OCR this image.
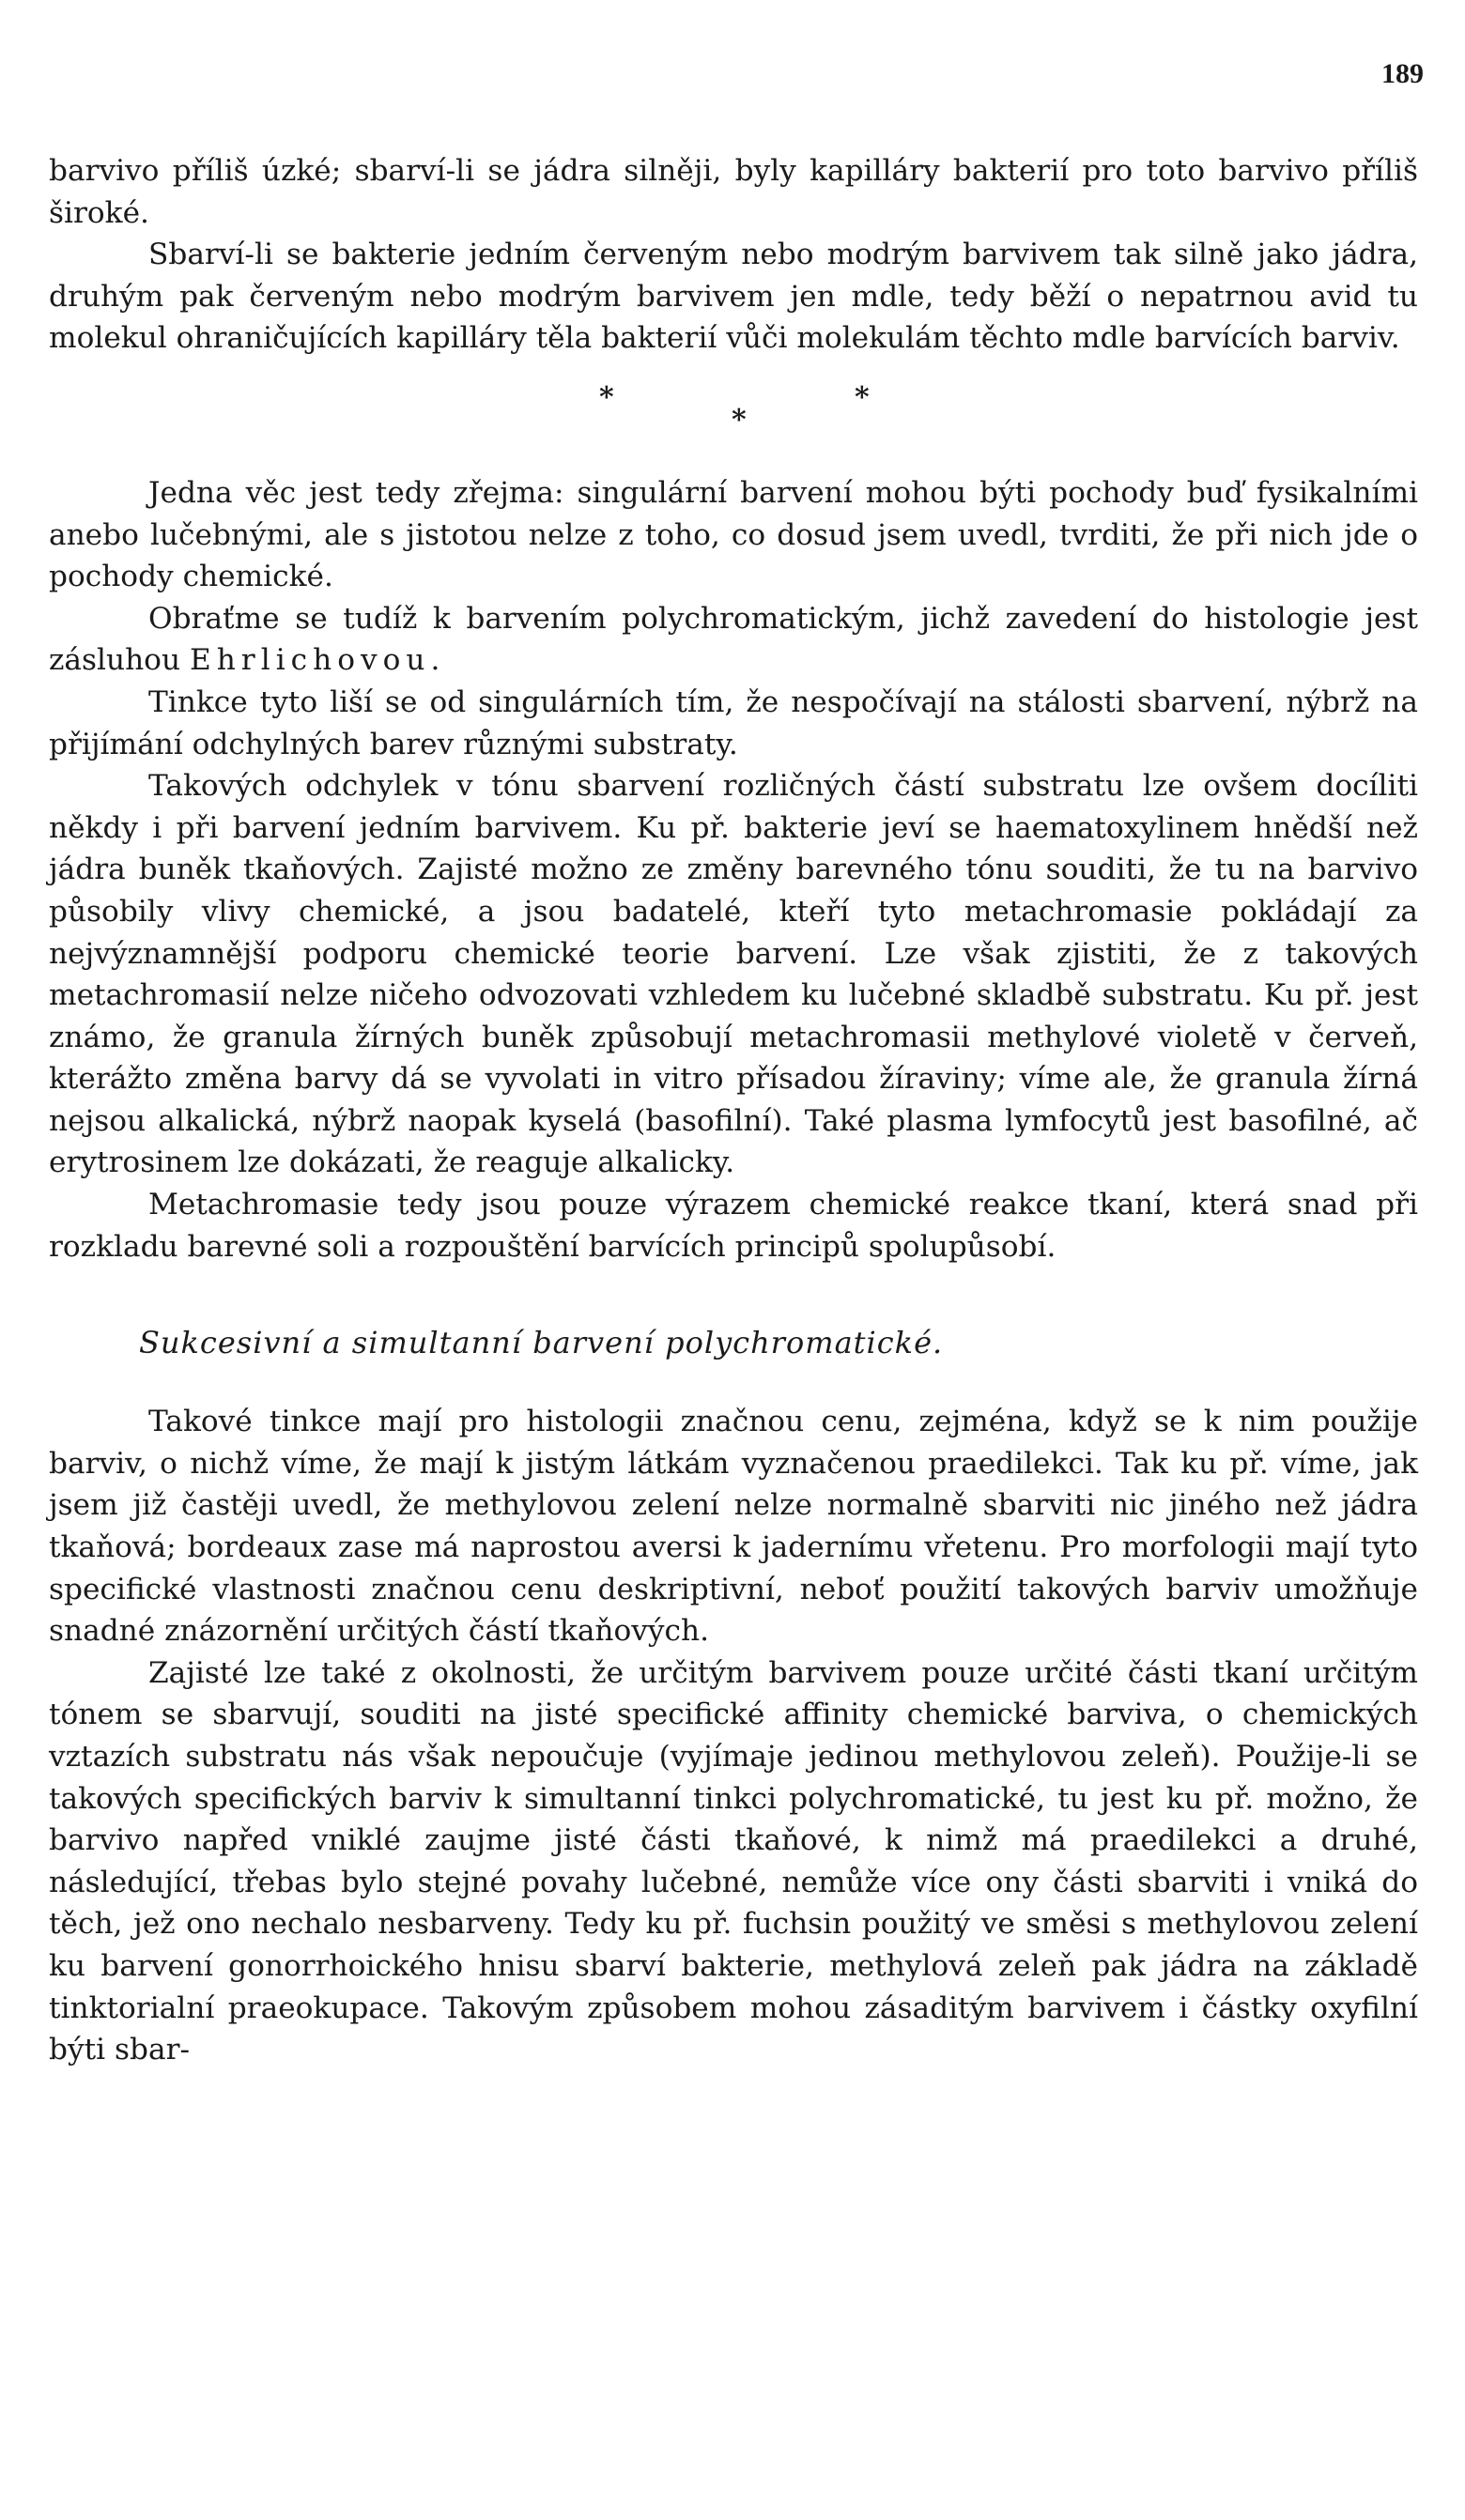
189

barvivo příliš úzké; sbarví-li se jádra silněji, byly kapilláry bakterií pro toto barvivo příliš široké.

Sbarví-li se bakterie jedním červeným nebo modrým barvivem tak silně jako jádra, druhým pak červeným nebo modrým barvivem jen mdle, tedy běží o nepatrnou avid tu molekul ohraničujících kapilláry těla bakterií vůči molekulám těchto mdle barvících barviv.

*
*
*

Jedna věc jest tedy zřejma: singulární barvení mohou býti pochody buď fysikalními anebo lučebnými, ale s jistotou nelze z toho, co dosud jsem uvedl, tvrditi, že při nich jde o pochody chemické.

Obraťme se tudíž k barvením polychromatickým, jichž zavedení do histologie jest zásluhou Ehrlichovou.

Tinkce tyto liší se od singulárních tím, že nespočívají na stálosti sbarvení, nýbrž na přijímání odchylných barev různými substraty.

Takových odchylek v tónu sbarvení rozličných částí substratu lze ovšem docíliti někdy i při barvení jedním barvivem. Ku př. bakterie jeví se haematoxylinem hnědší než jádra buněk tkaňových. Zajisté možno ze změny barevného tónu souditi, že tu na barvivo působily vlivy chemické, a jsou badatelé, kteří tyto metachromasie pokládají za nejvýznamnější podporu chemické teorie barvení. Lze však zjistiti, že z takových metachromasií nelze ničeho odvozovati vzhledem ku lučebné skladbě substratu. Ku př. jest známo, že granula žírných buněk způsobují metachromasii methylové violetě v červeň, kterážto změna barvy dá se vyvolati in vitro přísadou žíraviny; víme ale, že granula žírná nejsou alkalická, nýbrž naopak kyselá (basofilní). Také plasma lymfocytů jest basofilné, ač erytrosinem lze dokázati, že reaguje alkalicky.

Metachromasie tedy jsou pouze výrazem chemické reakce tkaní, která snad při rozkladu barevné soli a rozpouštění barvících principů spolupůsobí.

Sukcesivní a simultanní barvení polychromatické.

Takové tinkce mají pro histologii značnou cenu, zejména, když se k nim použije barviv, o nichž víme, že mají k jistým látkám vyznačenou praedilekci. Tak ku př. víme, jak jsem již častěji uvedl, že methylovou zelení nelze normalně sbarviti nic jiného než jádra tkaňová; bordeaux zase má naprostou aversi k jadernímu vřetenu. Pro morfologii mají tyto specifické vlastnosti značnou cenu deskriptivní, neboť použití takových barviv umožňuje snadné znázornění určitých částí tkaňových.

Zajisté lze také z okolnosti, že určitým barvivem pouze určité části tkaní určitým tónem se sbarvují, souditi na jisté specifické affinity chemické barviva, o chemických vztazích substratu nás však nepoučuje (vyjímaje jedinou methylovou zeleň). Použije-li se takových specifických barviv k simultanní tinkci polychromatické, tu jest ku př. možno, že barvivo napřed vniklé zaujme jisté části tkaňové, k nimž má praedilekci a druhé, následující, třebas bylo stejné povahy lučebné, nemůže více ony části sbarviti i vniká do těch, jež ono nechalo nesbarveny. Tedy ku př. fuchsin použitý ve směsi s methylovou zelení ku barvení gonorrhoického hnisu sbarví bakterie, methylová zeleň pak jádra na základě tinktorialní praeokupace. Takovým způsobem mohou zásaditým barvivem i částky oxyfilní býti sbar-
